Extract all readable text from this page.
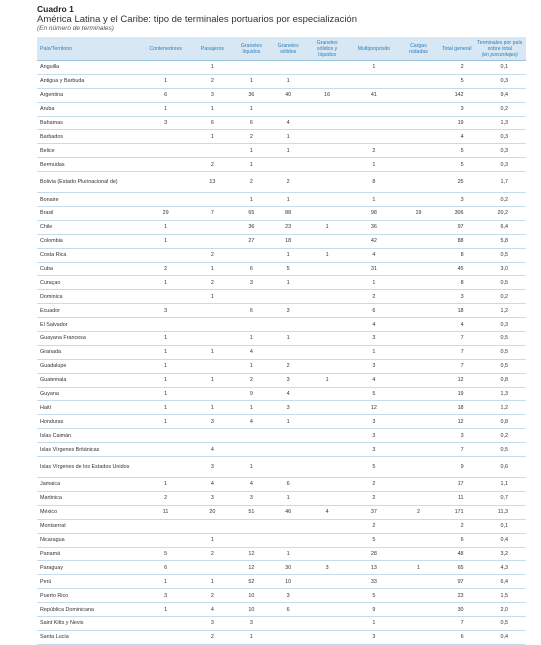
Cuadro 1
América Latina y el Caribe: tipo de terminales portuarios por especialización
(En número de terminales)
País/Territorio	Contenedores	Pasajeros	Graneles líquidos	Graneles sólidos	Graneles sólidos y líquidos	Multipropósito	Cargas rodadas	Total general	Terminales por país sobre total
(en porcentajes)

Anguilla		1				1		2	0,1
Antigua y Barbuda	1	2	1	1				5	0,3
Argentina	6	3	36	40	16	41		142	9,4
Aruba	1	1	1					3	0,2
Bahamas	3	6	6	4				19	1,3
Barbados		1	2	1				4	0,3
Belice			1	1		2		5	0,3
Bermudas		2	1			1		5	0,3
Bolivia (Estado Plurinacional de)		13	2	2		8		25	1,7
Bonaire			1	1		1		3	0,2
Brasil	29	7	65	88		98	19	306	20,2
Chile	1		36	23	1	36		97	6,4
Colombia	1		27	18		42		88	5,8
Costa Rica		2		1	1	4		8	0,5
Cuba	2	1	6	5		31		45	3,0
Curaçao	1	2	3	1		1		8	0,5
Dominica		1				2		3	0,2
Ecuador	3		6	3		6		18	1,2
El Salvador						4		4	0,3
Guayana Francesa	1		1	1		3		7	0,5
Granada	1	1	4			1		7	0,5
Guadalupe	1		1	2		3		7	0,5
Guatemala	1	1	2	3	1	4		12	0,8
Guyana	1		9	4		5		19	1,3
Haití	1	1	1	3		12		18	1,2
Honduras	1	3	4	1		3		12	0,8
Islas Caimán						3		3	0,2
Islas Vírgenes Británicas		4				3		7	0,5
Islas Vírgenes de los Estados Unidos		3	1			5		9	0,6
Jamaica	1	4	4	6		2		17	1,1
Martinica	2	3	3	1		2		11	0,7
México	11	20	51	46	4	37	2	171	11,3
Montserrat						2		2	0,1
Nicaragua		1				5		6	0,4
Panamá	5	2	12	1		28		48	3,2
Paraguay	6		12	30	3	13	1	65	4,3
Perú	1	1	52	10		33		97	6,4
Puerto Rico	3	2	10	3		5		23	1,5
República Dominicana	1	4	10	6		9		30	2,0
Saint Kitts y Nevis		3	3			1		7	0,5
Santa Lucía		2	1			3		6	0,4
